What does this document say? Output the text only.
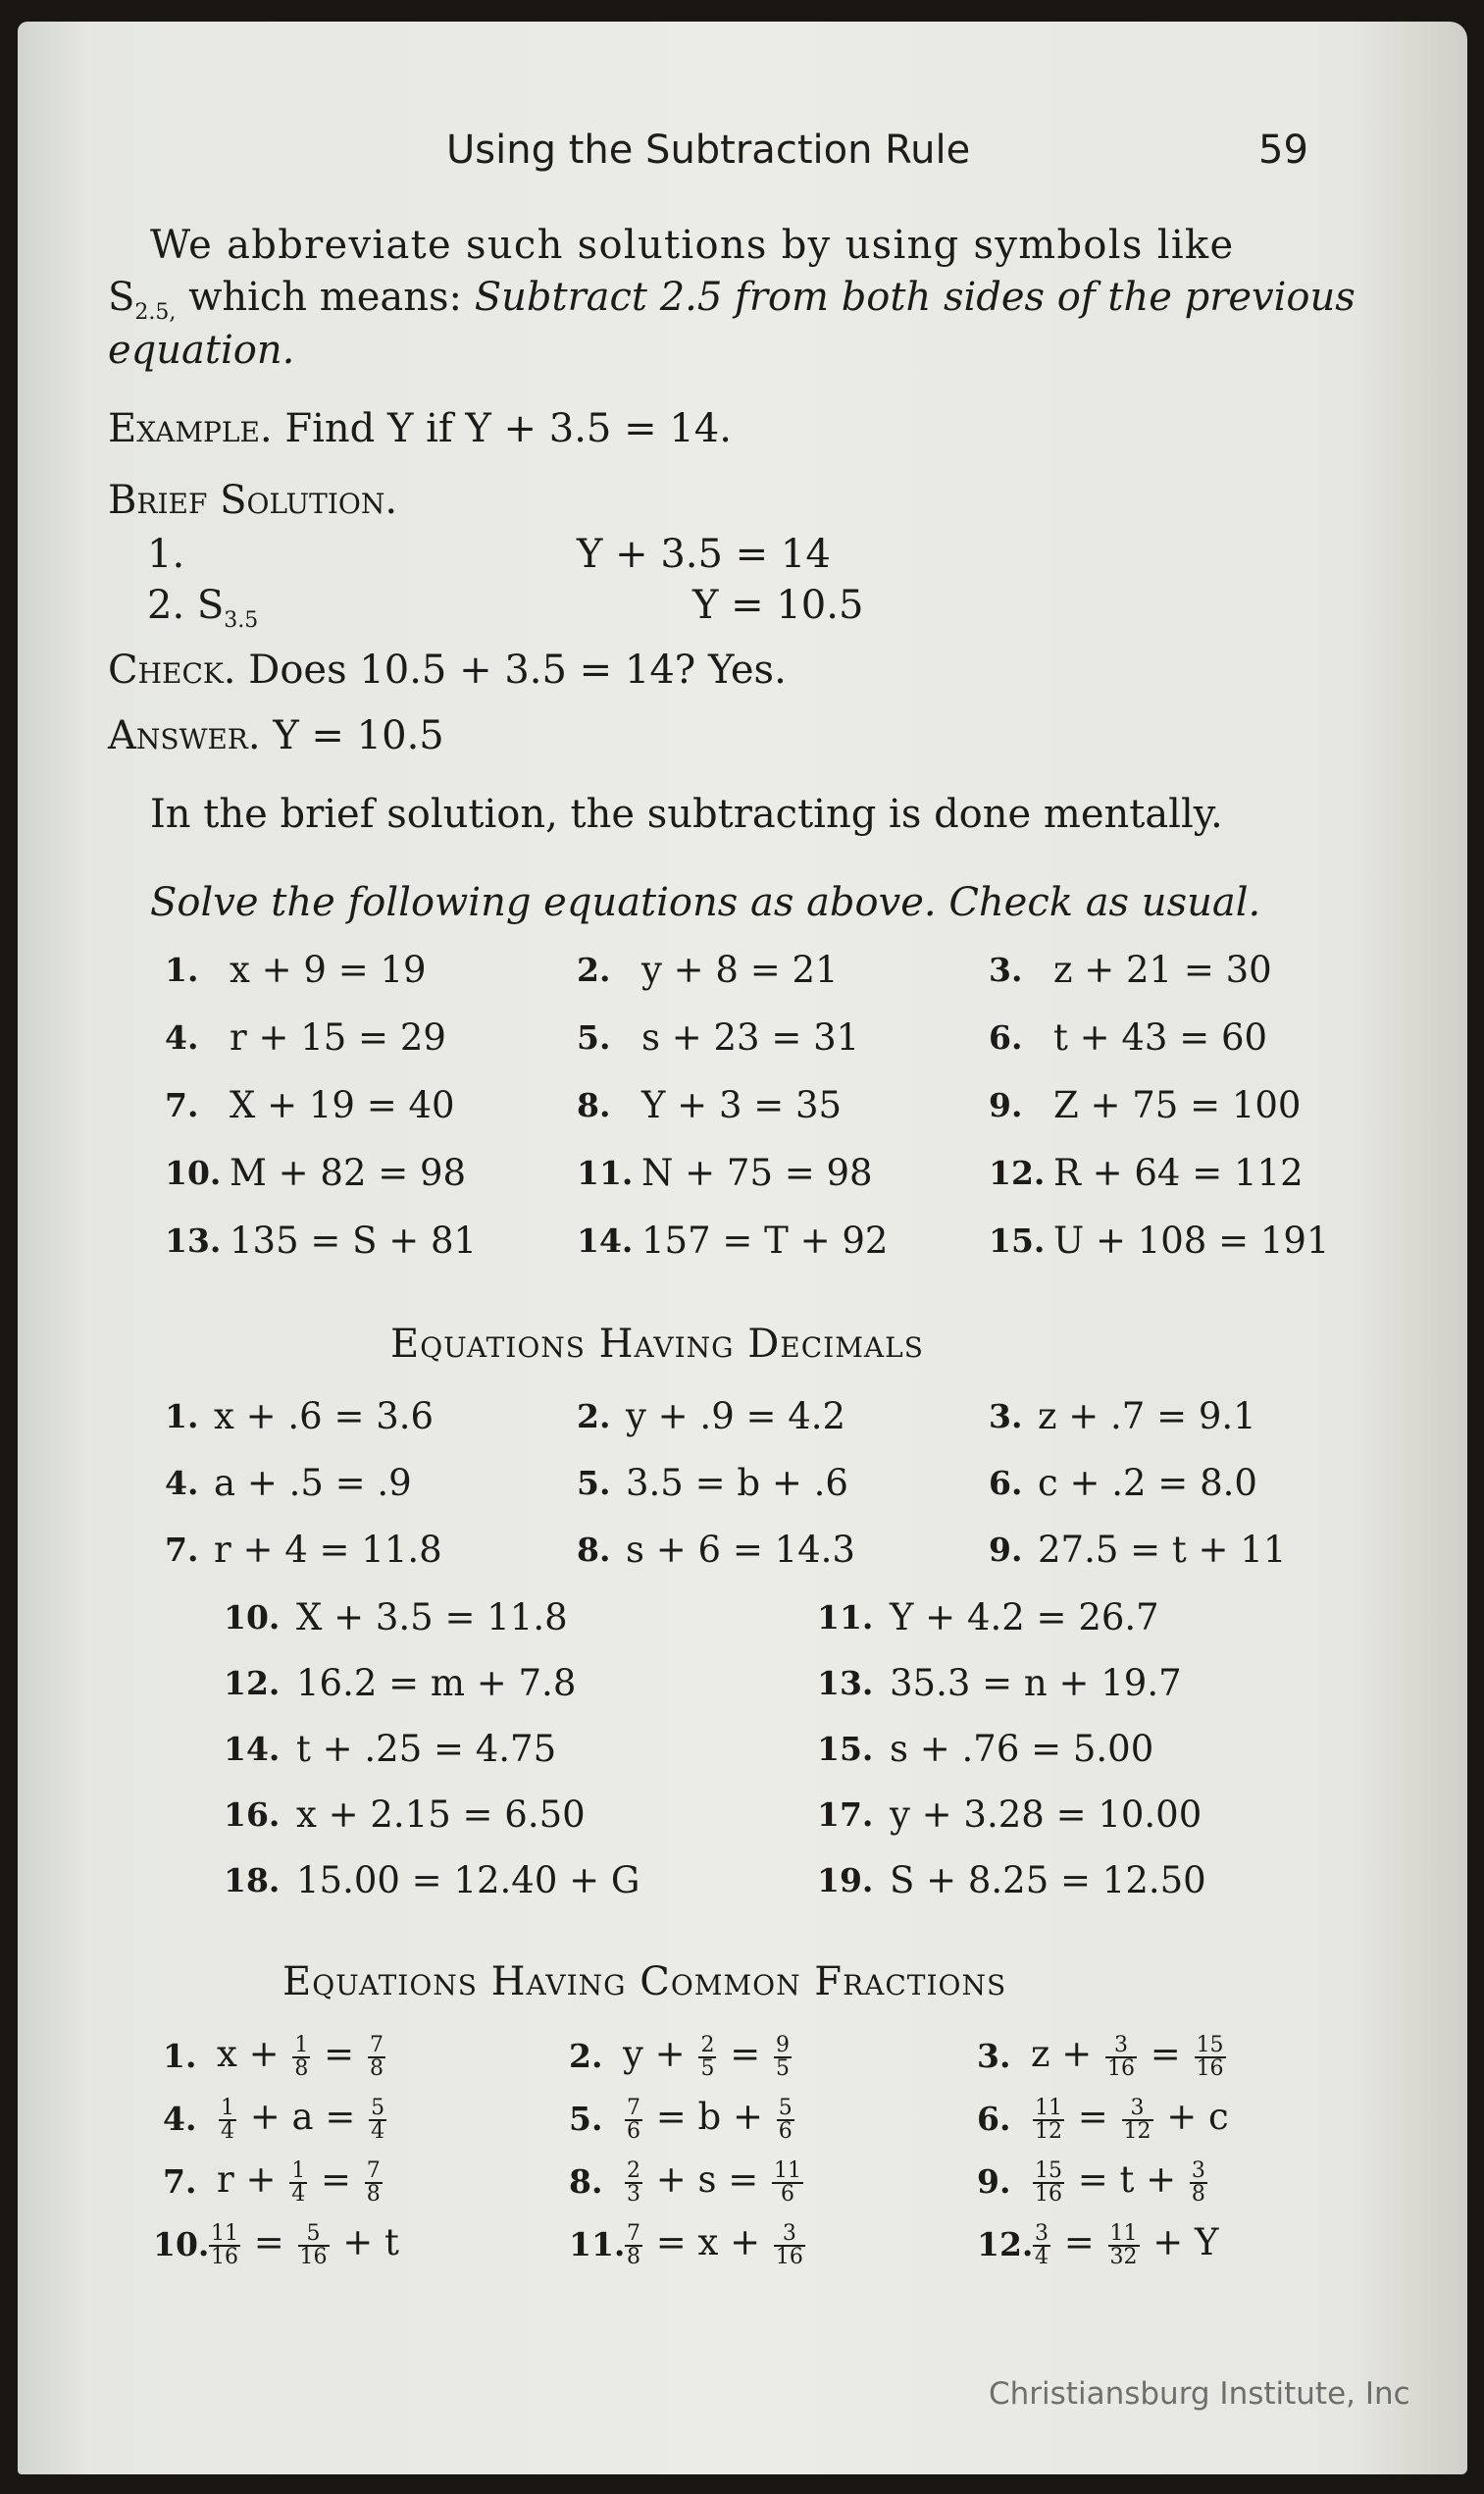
Using the Subtraction Rule	59
We abbreviate such solutions by using symbols like
$S_{2.5,}$ which means: Subtract 2.5 from both sides of the previous
equation.
Example. Find Y if Y + 3.5 = 14.
Brief Solution.
1.	Y + 3.5 = 14
2. $S_{3.5}$	Y = 10.5
Check. Does 10.5 + 3.5 = 14? Yes.
Answer. Y = 10.5
In the brief solution, the subtracting is done mentally.
Solve the following equations as above. Check as usual.
Equations Having Decimals
Equations Having Common Fractions
Christiansburg Institute, Inc
1. x + 9 = 19	2. y + 8 = 21	3. z + 21 = 30
4. r + 15 = 29	5. s + 23 = 31	6. t + 43 = 60
7. X + 19 = 40	8. Y + 3 = 35	9. Z + 75 = 100
10. M + 82 = 98	11. N + 75 = 98	12. R + 64 = 112
13. 135 = S + 81	14. 157 = T + 92	15. U + 108 = 191
1. x + .6 = 3.6	2. y + .9 = 4.2	3. z + .7 = 9.1
4. a + .5 = .9	5. 3.5 = b + .6	6. c + .2 = 8.0
7. r + 4 = 11.8	8. s + 6 = 14.3	9. 27.5 = t + 11
10. X + 3.5 = 11.8	11. Y + 4.2 = 26.7
12. 16.2 = m + 7.8	13. 35.3 = n + 19.7
14. t + .25 = 4.75	15. s + .76 = 5.00
16. x + 2.15 = 6.50	17. y + 3.28 = 10.00
18. 15.00 = 12.40 + G	19. S + 8.25 = 12.50
1. $x + \frac{1}{8} = \frac{7}{8}$	2. $y + \frac{2}{5} = \frac{9}{5}$	3. $z + \frac{3}{16} = \frac{15}{16}$
4.	$\frac{1}{4} + a = \frac{5}{4}$	5.	$\frac{7}{6} = b + \frac{5}{6}$	6.	$\frac{11}{12} = \frac{3}{12} + c$
7. $r + \frac{1}{4} = \frac{7}{8}$	8.	$\frac{2}{3} + s = \frac{11}{6}$	9.	$\frac{15}{16} = t + \frac{3}{8}$
10. $\frac{11}{16} = \frac{5}{16} + t$	11. $\frac{7}{8} = x + \frac{3}{16}$	12. $\frac{3}{4} = \frac{11}{32} + Y$
